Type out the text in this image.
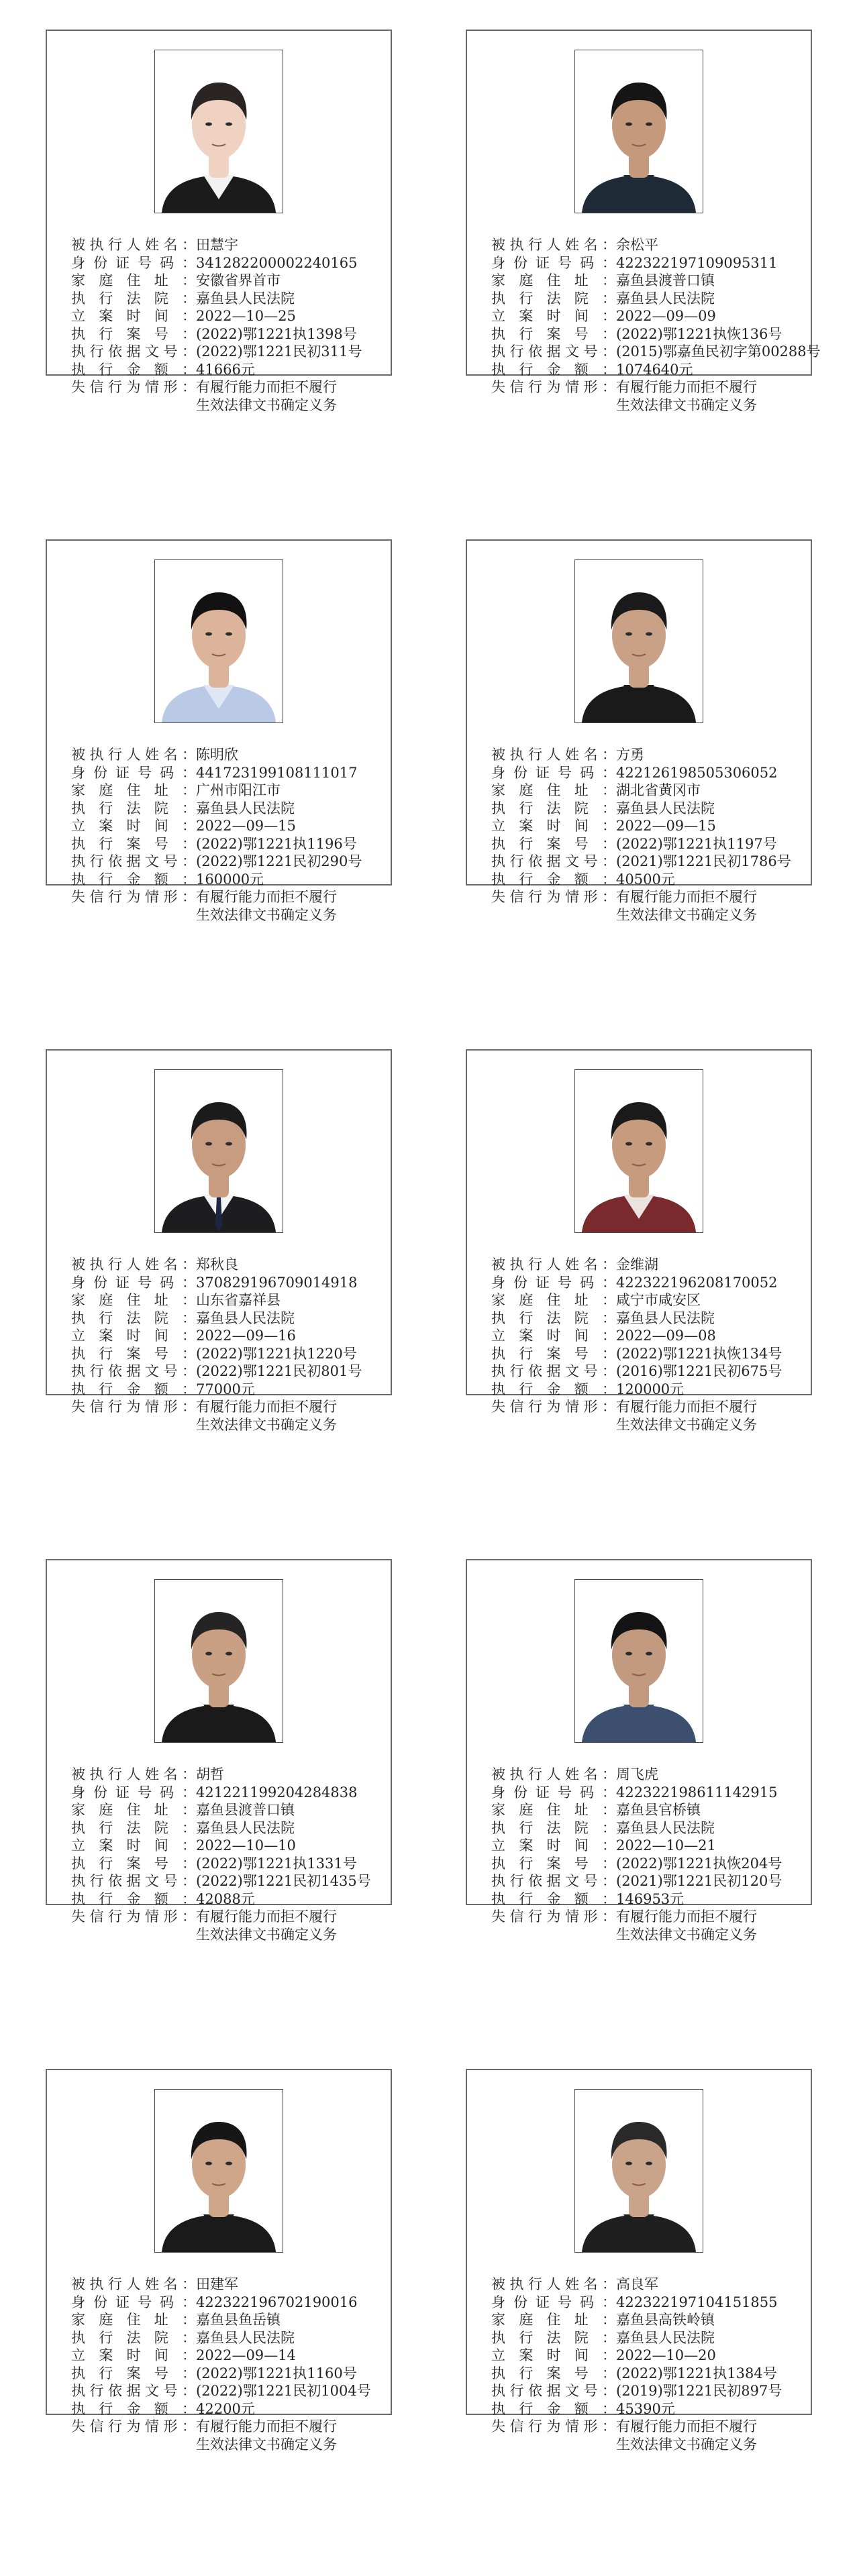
被执行人姓名： 田慧宇
身份证号码： 341282200002240165
家庭住址： 安徽省界首市
执行法院： 嘉鱼县人民法院
立案时间： 2022—10—25
执行案号： (2022)鄂1221执1398号
执行依据文号： (2022)鄂1221民初311号
执行金额： 41666元
失信行为情形： 有履行能力而拒不履行
生效法律文书确定义务
被执行人姓名： 余松平
身份证号码： 422322197109095311
家庭住址： 嘉鱼县渡普口镇
执行法院： 嘉鱼县人民法院
立案时间： 2022—09—09
执行案号： (2022)鄂1221执恢136号
执行依据文号： (2015)鄂嘉鱼民初字第00288号
执行金额： 1074640元
失信行为情形： 有履行能力而拒不履行
生效法律文书确定义务
被执行人姓名： 陈明欣
身份证号码： 441723199108111017
家庭住址： 广州市阳江市
执行法院： 嘉鱼县人民法院
立案时间： 2022—09—15
执行案号： (2022)鄂1221执1196号
执行依据文号： (2022)鄂1221民初290号
执行金额： 160000元
失信行为情形： 有履行能力而拒不履行
生效法律文书确定义务
被执行人姓名： 方勇
身份证号码： 422126198505306052
家庭住址： 湖北省黄冈市
执行法院： 嘉鱼县人民法院
立案时间： 2022—09—15
执行案号： (2022)鄂1221执1197号
执行依据文号： (2021)鄂1221民初1786号
执行金额： 40500元
失信行为情形： 有履行能力而拒不履行
生效法律文书确定义务
被执行人姓名： 郑秋良
身份证号码： 370829196709014918
家庭住址： 山东省嘉祥县
执行法院： 嘉鱼县人民法院
立案时间： 2022—09—16
执行案号： (2022)鄂1221执1220号
执行依据文号： (2022)鄂1221民初801号
执行金额： 77000元
失信行为情形： 有履行能力而拒不履行
生效法律文书确定义务
被执行人姓名： 金维湖
身份证号码： 422322196208170052
家庭住址： 咸宁市咸安区
执行法院： 嘉鱼县人民法院
立案时间： 2022—09—08
执行案号： (2022)鄂1221执恢134号
执行依据文号： (2016)鄂1221民初675号
执行金额： 120000元
失信行为情形： 有履行能力而拒不履行
生效法律文书确定义务
被执行人姓名： 胡哲
身份证号码： 421221199204284838
家庭住址： 嘉鱼县渡普口镇
执行法院： 嘉鱼县人民法院
立案时间： 2022—10—10
执行案号： (2022)鄂1221执1331号
执行依据文号： (2022)鄂1221民初1435号
执行金额： 42088元
失信行为情形： 有履行能力而拒不履行
生效法律文书确定义务
被执行人姓名： 周飞虎
身份证号码： 422322198611142915
家庭住址： 嘉鱼县官桥镇
执行法院： 嘉鱼县人民法院
立案时间： 2022—10—21
执行案号： (2022)鄂1221执恢204号
执行依据文号： (2021)鄂1221民初120号
执行金额： 146953元
失信行为情形： 有履行能力而拒不履行
生效法律文书确定义务
被执行人姓名： 田建军
身份证号码： 422322196702190016
家庭住址： 嘉鱼县鱼岳镇
执行法院： 嘉鱼县人民法院
立案时间： 2022—09—14
执行案号： (2022)鄂1221执1160号
执行依据文号： (2022)鄂1221民初1004号
执行金额： 42200元
失信行为情形： 有履行能力而拒不履行
生效法律文书确定义务
被执行人姓名： 高良军
身份证号码： 422322197104151855
家庭住址： 嘉鱼县高铁岭镇
执行法院： 嘉鱼县人民法院
立案时间： 2022—10—20
执行案号： (2022)鄂1221执1384号
执行依据文号： (2019)鄂1221民初897号
执行金额： 45390元
失信行为情形： 有履行能力而拒不履行
生效法律文书确定义务
